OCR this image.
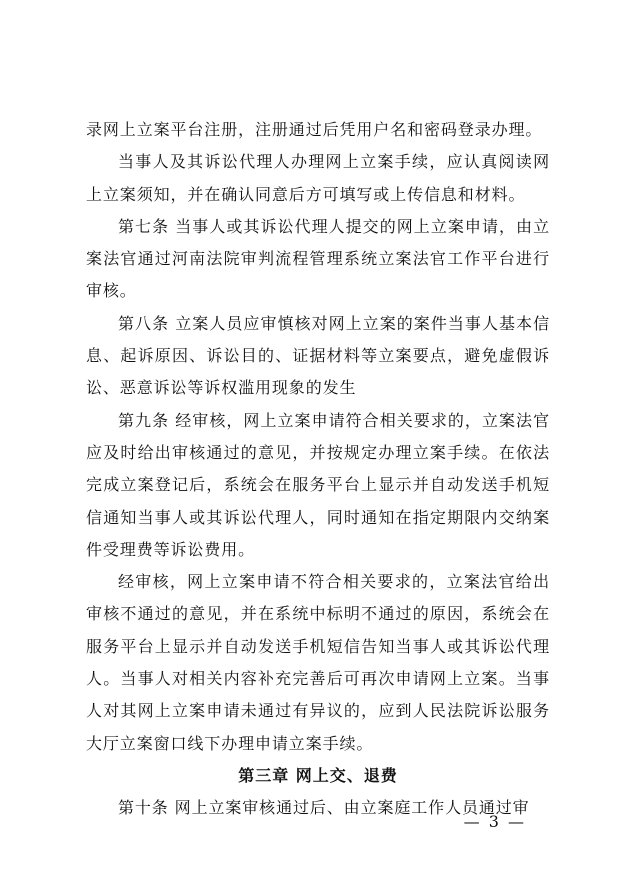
录网上立案平台注册，注册通过后凭用户名和密码登录办理。

当事人及其诉讼代理人办理网上立案手续，应认真阅读网上立案须知，并在确认同意后方可填写或上传信息和材料。

第七条 当事人或其诉讼代理人提交的网上立案申请，由立案法官通过河南法院审判流程管理系统立案法官工作平台进行审核。

第八条 立案人员应审慎核对网上立案的案件当事人基本信息、起诉原因、诉讼目的、证据材料等立案要点，避免虚假诉讼、恶意诉讼等诉权滥用现象的发生

第九条 经审核，网上立案申请符合相关要求的，立案法官应及时给出审核通过的意见，并按规定办理立案手续。在依法完成立案登记后，系统会在服务平台上显示并自动发送手机短信通知当事人或其诉讼代理人，同时通知在指定期限内交纳案件受理费等诉讼费用。

经审核，网上立案申请不符合相关要求的，立案法官给出审核不通过的意见，并在系统中标明不通过的原因，系统会在服务平台上显示并自动发送手机短信告知当事人或其诉讼代理人。当事人对相关内容补充完善后可再次申请网上立案。当事人对其网上立案申请未通过有异议的，应到人民法院诉讼服务大厅立案窗口线下办理申请立案手续。

第三章 网上交、退费

第十条 网上立案审核通过后、由立案庭工作人员通过审

— 3 —
